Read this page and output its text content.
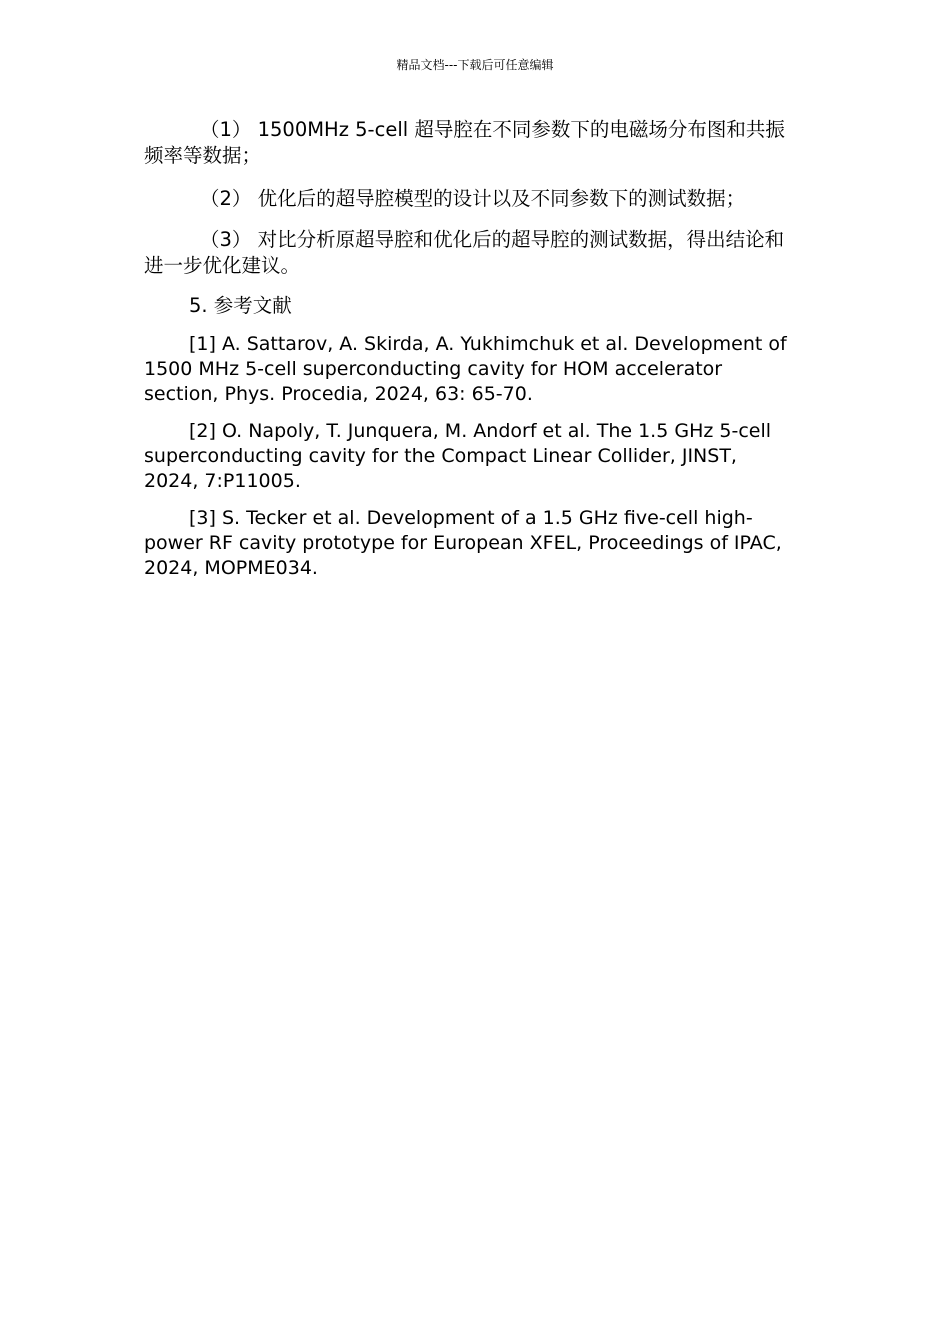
精品文档---下载后可任意编辑

（1） 1500MHz 5-cell 超导腔在不同参数下的电磁场分布图和共振频率等数据；

（2） 优化后的超导腔模型的设计以及不同参数下的测试数据；

（3） 对比分析原超导腔和优化后的超导腔的测试数据，得出结论和进一步优化建议。

5. 参考文献

[1] A. Sattarov, A. Skirda, A. Yukhimchuk et al. Development of 1500 MHz 5-cell superconducting cavity for HOM accelerator section, Phys. Procedia, 2024, 63: 65-70.

[2] O. Napoly, T. Junquera, M. Andorf et al. The 1.5 GHz 5-cell superconducting cavity for the Compact Linear Collider, JINST, 2024, 7:P11005.

[3] S. Tecker et al. Development of a 1.5 GHz five-cell high-power RF cavity prototype for European XFEL, Proceedings of IPAC, 2024, MOPME034.
